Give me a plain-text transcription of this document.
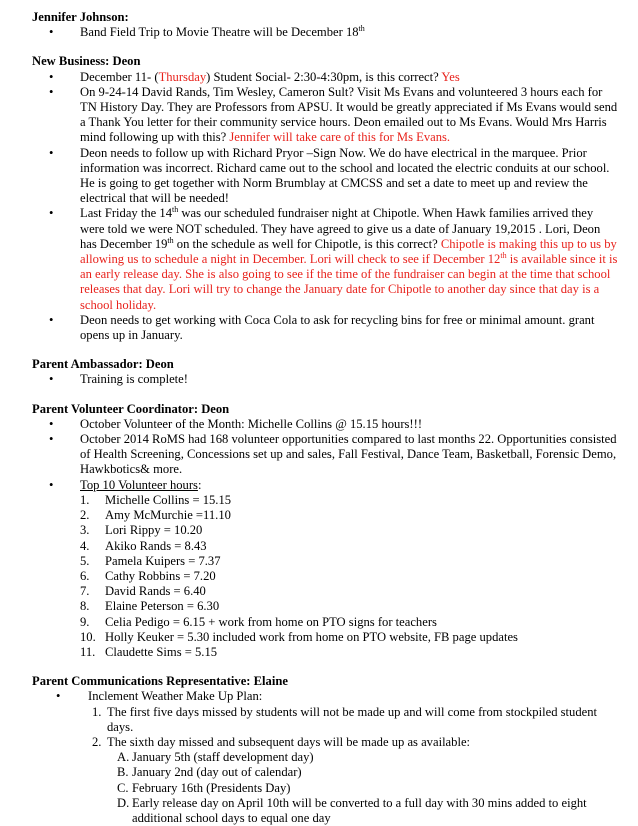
Jennifer Johnson:
• Band Field Trip to Movie Theatre will be December 18th
New Business: Deon
• December 11- (Thursday) Student Social- 2:30-4:30pm, is this correct? Yes
• On 9-24-14 David Rands, Tim Wesley, Cameron Sult? Visit Ms Evans and volunteered 3 hours each for TN History Day. They are Professors from APSU. It would be greatly appreciated if Ms Evans would send a Thank You letter for their community service hours. Deon emailed out to Ms Evans. Would Mrs Harris mind following up with this? Jennifer will take care of this for Ms Evans.
• Deon needs to follow up with Richard Pryor –Sign Now. We do have electrical in the marquee. Prior information was incorrect. Richard came out to the school and located the electric conduits at our school. He is going to get together with Norm Brumblay at CMCSS and set a date to meet up and review the electrical that will be needed!
• Last Friday the 14th was our scheduled fundraiser night at Chipotle. When Hawk families arrived they were told we were NOT scheduled. They have agreed to give us a date of January 19,2015 . Lori, Deon has December 19th on the schedule as well for Chipotle, is this correct? Chipotle is making this up to us by allowing us to schedule a night in December. Lori will check to see if December 12th is available since it is an early release day. She is also going to see if the time of the fundraiser can begin at the time that school releases that day. Lori will try to change the January date for Chipotle to another day since that day is a school holiday.
• Deon needs to get working with Coca Cola to ask for recycling bins for free or minimal amount. grant opens up in January.
Parent Ambassador: Deon
• Training is complete!
Parent Volunteer Coordinator: Deon
• October Volunteer of the Month: Michelle Collins @ 15.15 hours!!!
• October 2014 RoMS had 168 volunteer opportunities compared to last months 22. Opportunities consisted of Health Screening, Concessions set up and sales, Fall Festival, Dance Team, Basketball, Forensic Demo, Hawkbotics& more.
• Top 10 Volunteer hours:
1. Michelle Collins = 15.15
2. Amy McMurchie =11.10
3. Lori Rippy = 10.20
4. Akiko Rands = 8.43
5. Pamela Kuipers = 7.37
6. Cathy Robbins = 7.20
7. David Rands = 6.40
8. Elaine Peterson = 6.30
9. Celia Pedigo = 6.15 + work from home on PTO signs for teachers
10. Holly Keuker = 5.30 included work from home on PTO website, FB page updates
11. Claudette Sims = 5.15
Parent Communications Representative: Elaine
• Inclement Weather Make Up Plan:
1. The first five days missed by students will not be made up and will come from stockpiled student days.
2. The sixth day missed and subsequent days will be made up as available:
A. January 5th (staff development day)
B. January 2nd (day out of calendar)
C. February 16th (Presidents Day)
D. Early release day on April 10th will be converted to a full day with 30 mins added to eight additional school days to equal one day
